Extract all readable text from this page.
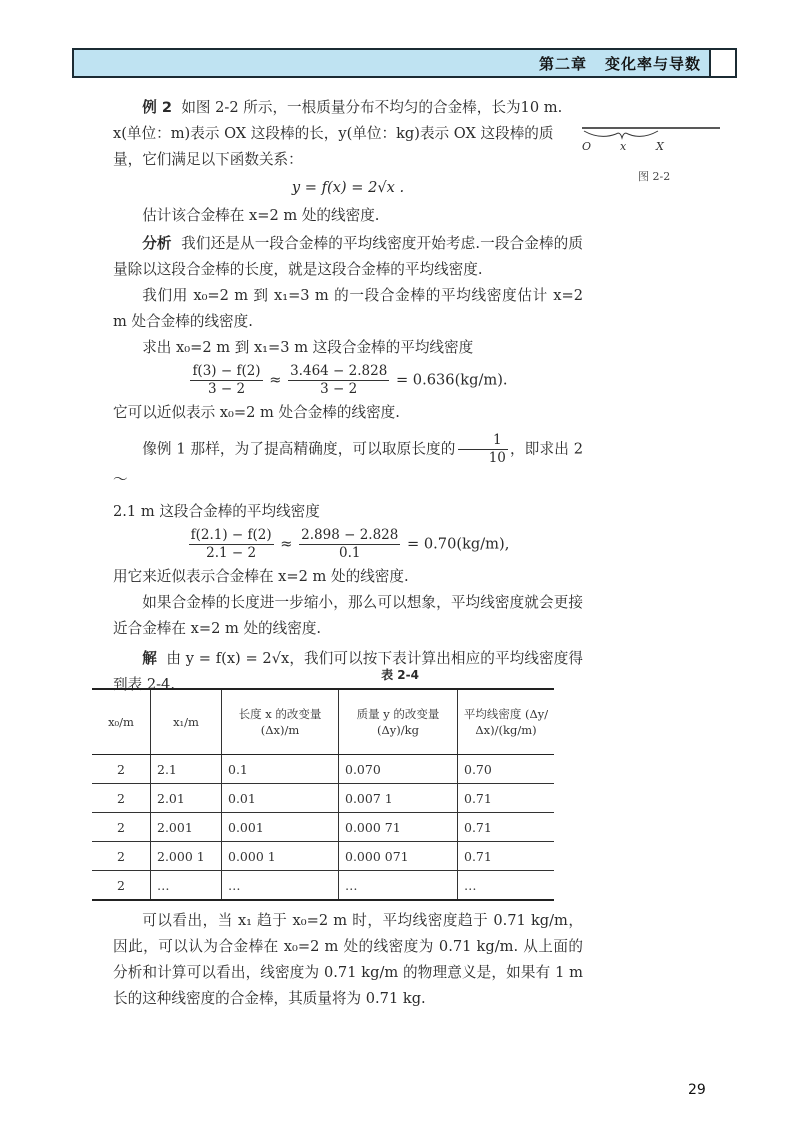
第二章 变化率与导数
O	x	X
图 2-2

例 2 如图 2-2 所示，一根质量分布不均匀的合金棒，长为10 m.

x(单位：m)表示 OX 这段棒的长，y(单位：kg)表示 OX 这段棒的质

量，它们满足以下函数关系：

y = f(x) = 2√x .

估计该合金棒在 x=2 m 处的线密度.

分析 我们还是从一段合金棒的平均线密度开始考虑.一段合金棒的质量除以这段合金棒的长度，就是这段合金棒的平均线密度.

我们用 x₀=2 m 到 x₁=3 m 的一段合金棒的平均线密度估计 x=2 m 处合金棒的线密度.

求出 x₀=2 m 到 x₁=3 m 这段合金棒的平均线密度

$\frac{f(3) - f(2)}{3 - 2} \approx \frac{3.464 - 2.828}{3 - 2} = 0.636(kg/m)$.

它可以近似表示 x₀=2 m 处合金棒的线密度.

像例 1 那样，为了提高精确度，可以取原长度的 $\frac{1}{10}$ ，即求出 2～

2.1 m 这段合金棒的平均线密度

$\frac{f(2.1) - f(2)}{2.1 - 2} \approx \frac{2.898 - 2.828}{0.1} = 0.70(kg/m)$,

用它来近似表示合金棒在 x=2 m 处的线密度.

如果合金棒的长度进一步缩小，那么可以想象，平均线密度就会更接近合金棒在 x=2 m 处的线密度.

解 由 y = f(x) = 2√x，我们可以按下表计算出相应的平均线密度得到表 2-4.

表 2-4
x₀/m	x₁/m	长度 x 的改变量 (Δx)/m	质量 y 的改变量 (Δy)/kg	平均线密度 (Δy/Δx)/(kg/m)
2	2.1	0.1	0.070	0.70
2	2.01	0.01	0.007 1	0.71
2	2.001	0.001	0.000 71	0.71
2	2.000 1	0.000 1	0.000 071	0.71
2	…	…	…	…

可以看出，当 x₁ 趋于 x₀=2 m 时，平均线密度趋于 0.71 kg/m，因此，可以认为合金棒在 x₀=2 m 处的线密度为 0.71 kg/m. 从上面的分析和计算可以看出，线密度为 0.71 kg/m 的物理意义是，如果有 1 m 长的这种线密度的合金棒，其质量将为 0.71 kg.

29
